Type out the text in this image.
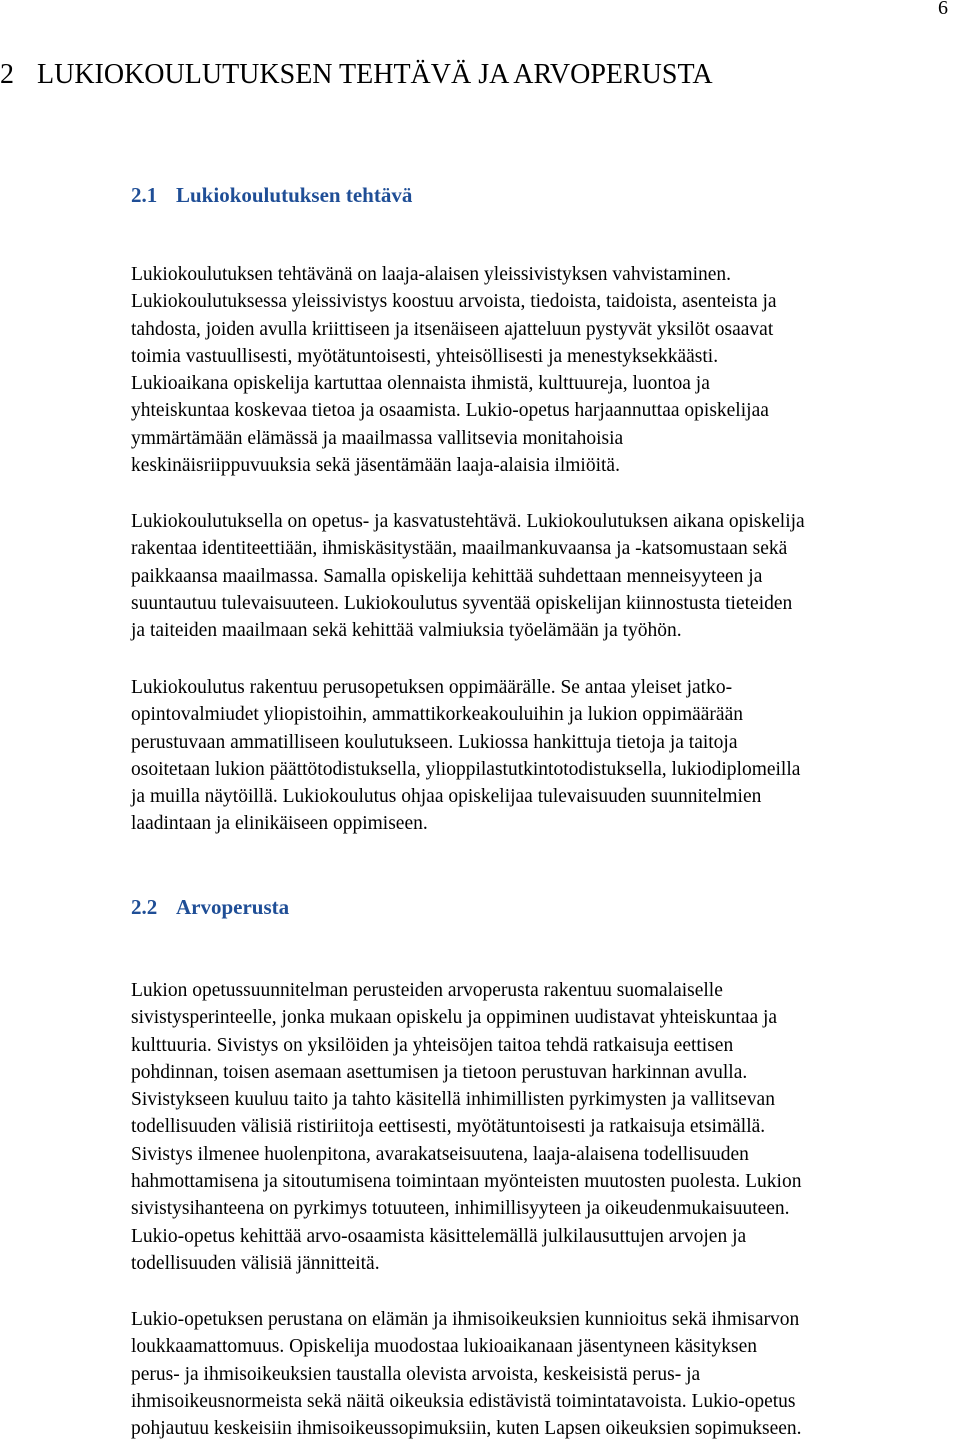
6
2 LUKIOKOULUTUKSEN TEHTÄVÄ JA ARVOPERUSTA
2.1 Lukiokoulutuksen tehtävä

Lukiokoulutuksen tehtävänä on laaja-alaisen yleissivistyksen vahvistaminen.
Lukiokoulutuksessa yleissivistys koostuu arvoista, tiedoista, taidoista, asenteista ja
tahdosta, joiden avulla kriittiseen ja itsenäiseen ajatteluun pystyvät yksilöt osaavat
toimia vastuullisesti, myötätuntoisesti, yhteisöllisesti ja menestyksekkäästi.
Lukioaikana opiskelija kartuttaa olennaista ihmistä, kulttuureja, luontoa ja
yhteiskuntaa koskevaa tietoa ja osaamista. Lukio-opetus harjaannuttaa opiskelijaa
ymmärtämään elämässä ja maailmassa vallitsevia monitahoisia
keskinäisriippuvuuksia sekä jäsentämään laaja-alaisia ilmiöitä.

Lukiokoulutuksella on opetus- ja kasvatustehtävä. Lukiokoulutuksen aikana opiskelija
rakentaa identiteettiään, ihmiskäsitystään, maailmankuvaansa ja -katsomustaan sekä
paikkaansa maailmassa. Samalla opiskelija kehittää suhdettaan menneisyyteen ja
suuntautuu tulevaisuuteen. Lukiokoulutus syventää opiskelijan kiinnostusta tieteiden
ja taiteiden maailmaan sekä kehittää valmiuksia työelämään ja työhön.

Lukiokoulutus rakentuu perusopetuksen oppimäärälle. Se antaa yleiset jatko-
opintovalmiudet yliopistoihin, ammattikorkeakouluihin ja lukion oppimäärään
perustuvaan ammatilliseen koulutukseen. Lukiossa hankittuja tietoja ja taitoja
osoitetaan lukion päättötodistuksella, ylioppilastutkintotodistuksella, lukiodiplomeilla
ja muilla näytöillä. Lukiokoulutus ohjaa opiskelijaa tulevaisuuden suunnitelmien
laadintaan ja elinikäiseen oppimiseen.

2.2 Arvoperusta

Lukion opetussuunnitelman perusteiden arvoperusta rakentuu suomalaiselle
sivistysperinteelle, jonka mukaan opiskelu ja oppiminen uudistavat yhteiskuntaa ja
kulttuuria. Sivistys on yksilöiden ja yhteisöjen taitoa tehdä ratkaisuja eettisen
pohdinnan, toisen asemaan asettumisen ja tietoon perustuvan harkinnan avulla.
Sivistykseen kuuluu taito ja tahto käsitellä inhimillisten pyrkimysten ja vallitsevan
todellisuuden välisiä ristiriitoja eettisesti, myötätuntoisesti ja ratkaisuja etsimällä.
Sivistys ilmenee huolenpitona, avarakatseisuutena, laaja-alaisena todellisuuden
hahmottamisena ja sitoutumisena toimintaan myönteisten muutosten puolesta. Lukion
sivistysihanteena on pyrkimys totuuteen, inhimillisyyteen ja oikeudenmukaisuuteen.
Lukio-opetus kehittää arvo-osaamista käsittelemällä julkilausuttujen arvojen ja
todellisuuden välisiä jännitteitä.

Lukio-opetuksen perustana on elämän ja ihmisoikeuksien kunnioitus sekä ihmisarvon
loukkaamattomuus. Opiskelija muodostaa lukioaikanaan jäsentyneen käsityksen
perus- ja ihmisoikeuksien taustalla olevista arvoista, keskeisistä perus- ja
ihmisoikeusnormeista sekä näitä oikeuksia edistävistä toimintatavoista. Lukio-opetus
pohjautuu keskeisiin ihmisoikeussopimuksiin, kuten Lapsen oikeuksien sopimukseen.
